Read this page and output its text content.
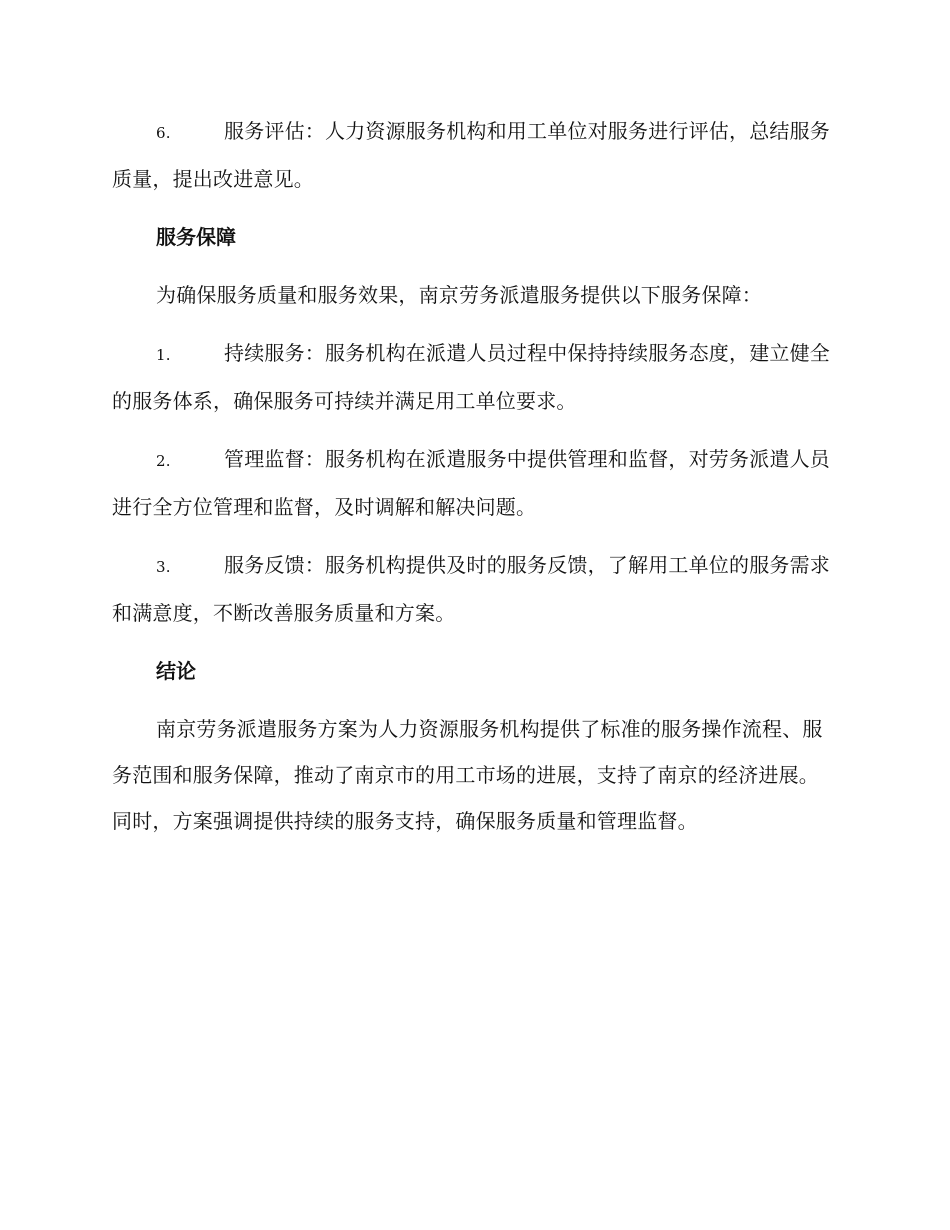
6.	服务评估：人力资源服务机构和用工单位对服务进行评估，总结服务质量，提出改进意见。

服务保障

为确保服务质量和服务效果，南京劳务派遣服务提供以下服务保障：

1.	持续服务：服务机构在派遣人员过程中保持持续服务态度，建立健全的服务体系，确保服务可持续并满足用工单位要求。

2.	管理监督：服务机构在派遣服务中提供管理和监督，对劳务派遣人员进行全方位管理和监督，及时调解和解决问题。

3.	服务反馈：服务机构提供及时的服务反馈，了解用工单位的服务需求和满意度，不断改善服务质量和方案。

结论

南京劳务派遣服务方案为人力资源服务机构提供了标准的服务操作流程、服务范围和服务保障，推动了南京市的用工市场的进展，支持了南京的经济进展。同时，方案强调提供持续的服务支持，确保服务质量和管理监督。
